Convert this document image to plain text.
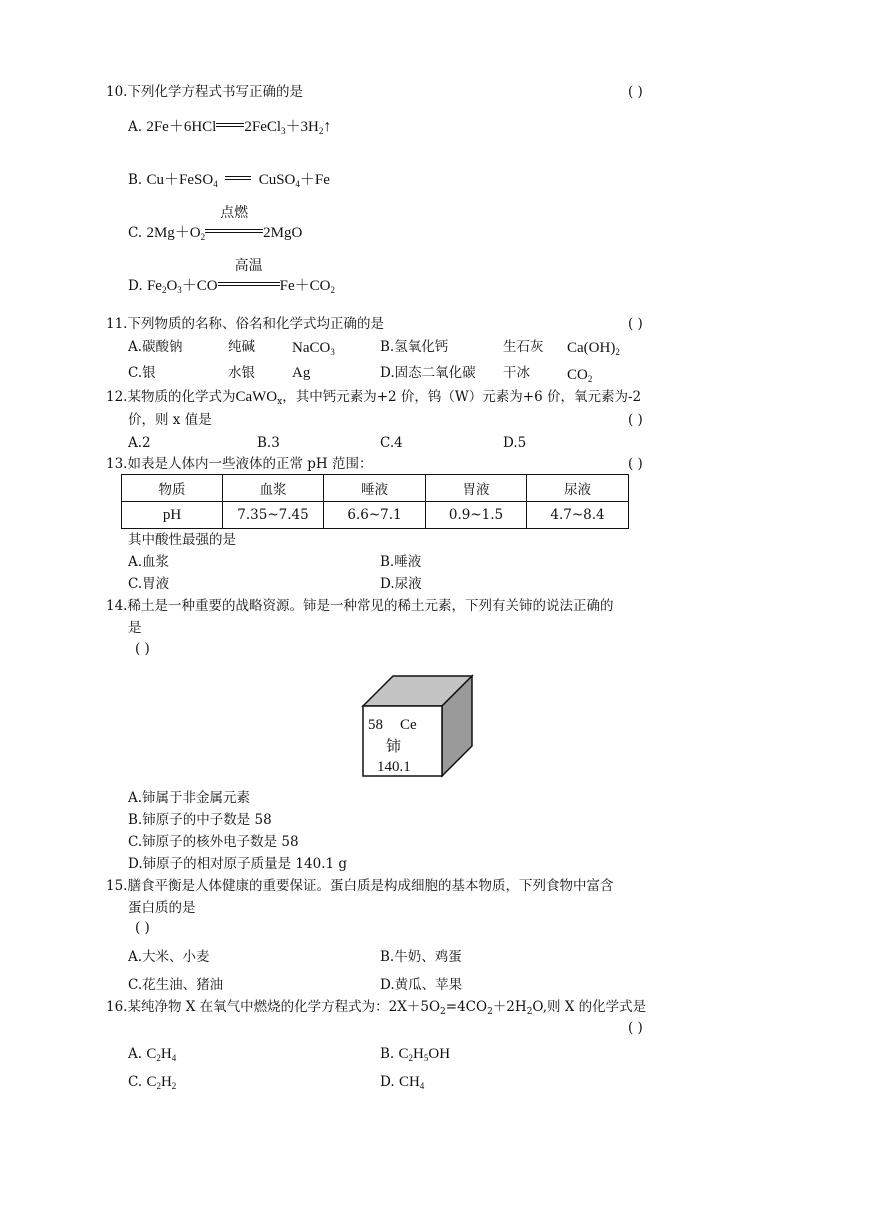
10.下列化学方程式书写正确的是	( )
A. 2Fe＋6HCl $2FeCl_3+3H_2↑$
B. Cu＋FeSO$_4$	CuSO$_4$＋Fe
C. $2Mg+O_2$
点燃
2MgO
D. $Fe_2O_3+CO$
高温
$Fe+CO_2$
11.下列物质的名称、俗名和化学式均正确的是	( )
A.碳酸钠	纯碱 NaCO$_3$	B.氢氧化钙	生石灰 $Ca(OH)_2$
C.银	水银 Ag	D.固态二氧化碳 干冰 $CO_2$
12.某物质的化学式为CaWO$_x$，其中钙元素为+2 价，钨（W）元素为+6 价，氧元素为-2
价，则 x 值是	( )
A.2	B.3	C.4	D.5
13.如表是人体内一些液体的正常 pH 范围：	( )
物质	血浆	唾液	胃液	尿液
pH	7.35~7.45	6.6~7.1	0.9~1.5	4.7~8.4
其中酸性最强的是
A.血浆	B.唾液
C.胃液	D.尿液
14.稀土是一种重要的战略资源。铈是一种常见的稀土元素，下列有关铈的说法正确的
是
( )
58 Ce
铈
140.1
A.铈属于非金属元素
B.铈原子的中子数是 58
C.铈原子的核外电子数是 58
D.铈原子的相对原子质量是 140.1 g
15.膳食平衡是人体健康的重要保证。蛋白质是构成细胞的基本物质，下列食物中富含
蛋白质的是
( )
A.大米、小麦	B.牛奶、鸡蛋
C.花生油、猪油	D.黄瓜、苹果
16.某纯净物 X 在氧气中燃烧的化学方程式为：$2X+5O_2=4CO_2+2H_2O$,则 X 的化学式是
( )
A. $C_2H_4$	B. $C_2H_5OH$
C. $C_2H_2$	D. $CH_4$
